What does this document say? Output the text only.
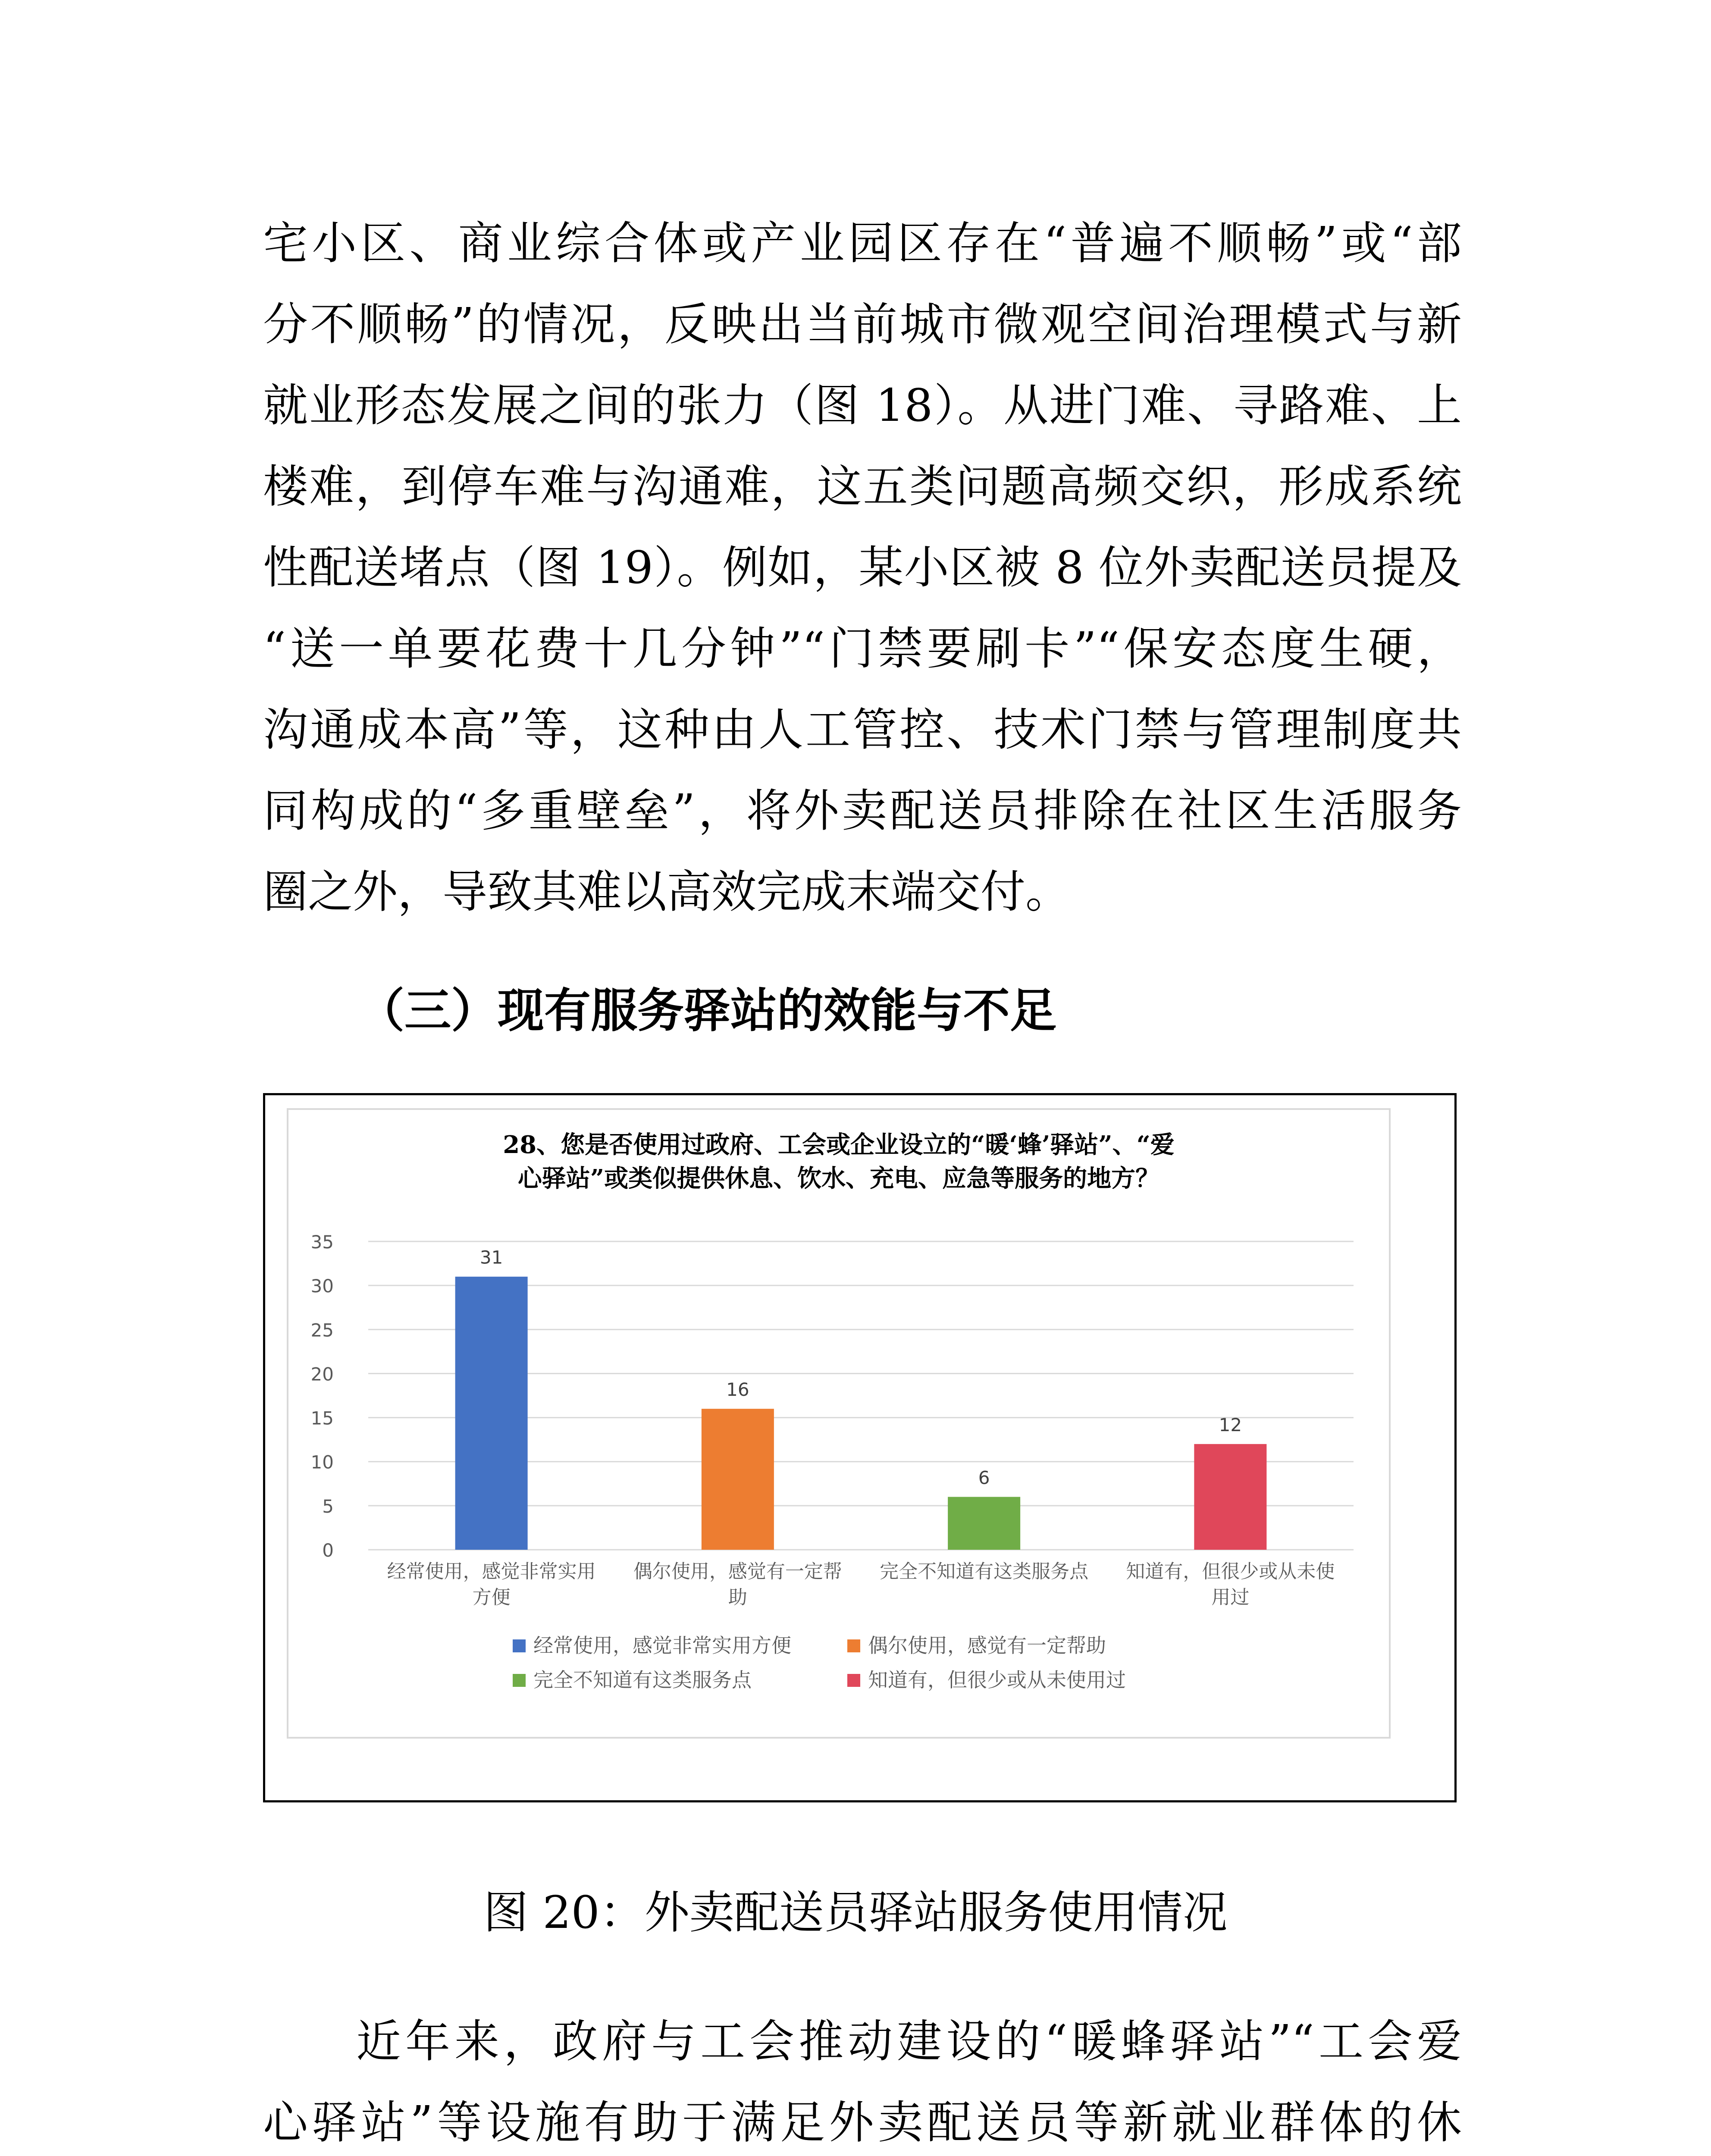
宅小区、商业综合体或产业园区存在“普遍不顺畅”或“部
分不顺畅”的情况，反映出当前城市微观空间治理模式与新
就业形态发展之间的张力（图 18）。从进门难、寻路难、上
楼难，到停车难与沟通难，这五类问题高频交织，形成系统
性配送堵点（图 19）。例如，某小区被 8 位外卖配送员提及
“送一单要花费十几分钟”“门禁要刷卡”“保安态度生硬，
沟通成本高”等，这种由人工管控、技术门禁与管理制度共
同构成的“多重壁垒”，将外卖配送员排除在社区生活服务
圈之外，导致其难以高效完成末端交付。
（三）现有服务驿站的效能与不足
28、您是否使用过政府、工会或企业设立的“暖‘蜂’驿站”、“爱
心驿站”或类似提供休息、饮水、充电、应急等服务的地方？
0
5
10
15
20
25
30
35
31
16
6
12
经常使用，感觉非常实用
方便
偶尔使用，感觉有一定帮
助
完全不知道有这类服务点 知道有，但很少或从未使
用过
经常使用，感觉非常实用方便	偶尔使用，感觉有一定帮助
完全不知道有这类服务点	知道有，但很少或从未使用过

图 20：外卖配送员驿站服务使用情况

近年来，政府与工会推动建设的“暖蜂驿站”“工会爱
心驿站”等设施有助于满足外卖配送员等新就业群体的休
